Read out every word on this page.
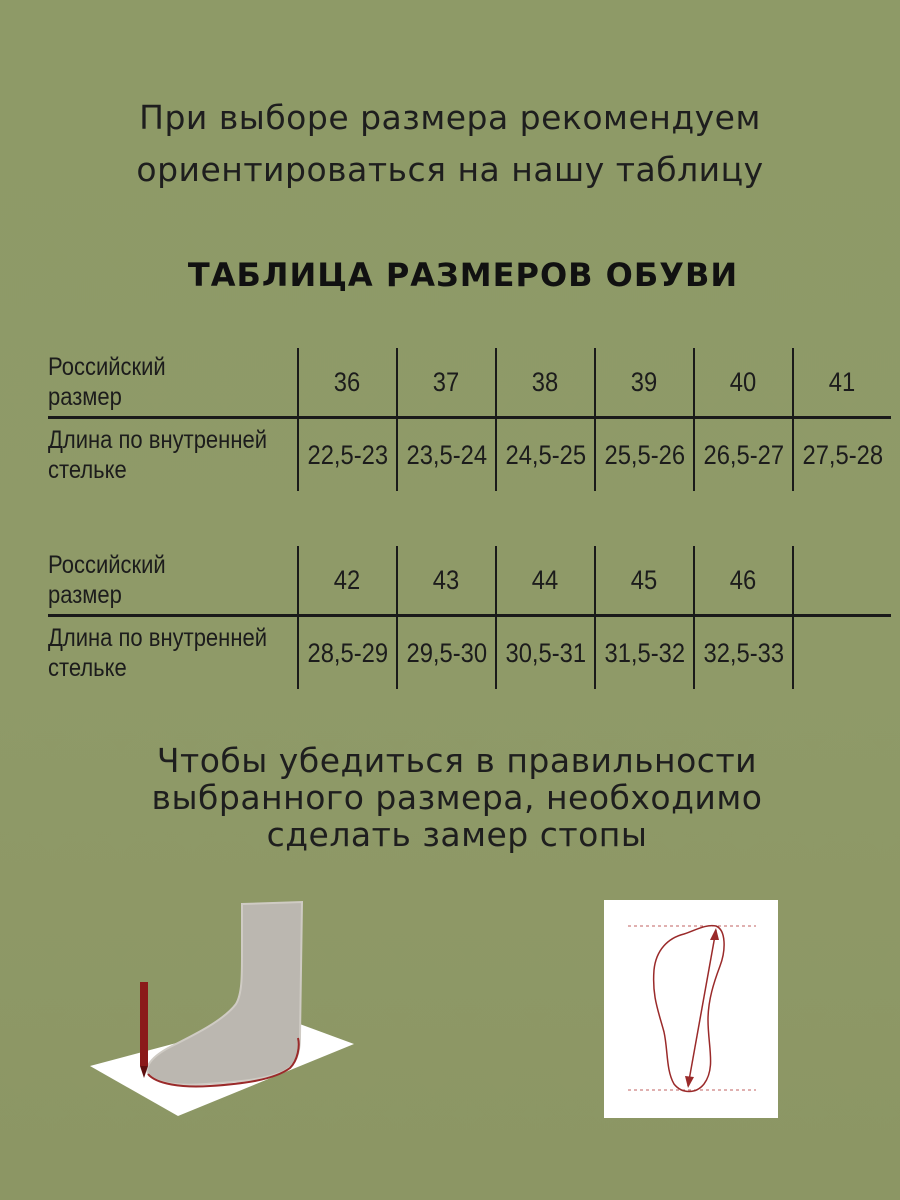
При выборе размера рекомендуем
ориентироваться на нашу таблицу
ТАБЛИЦА РАЗМЕРОВ ОБУВИ
Российский
размер	36	37	38	39	40	41

Длина по внутренней
стельке	22,5-23	23,5-24	24,5-25	25,5-26	26,5-27	27,5-28
Российский
размер	42	43	44	45	46	

Длина по внутренней
стельке	28,5-29	29,5-30	30,5-31	31,5-32	32,5-33	
Чтобы убедиться в правильности
выбранного размера, необходимо
сделать замер стопы
